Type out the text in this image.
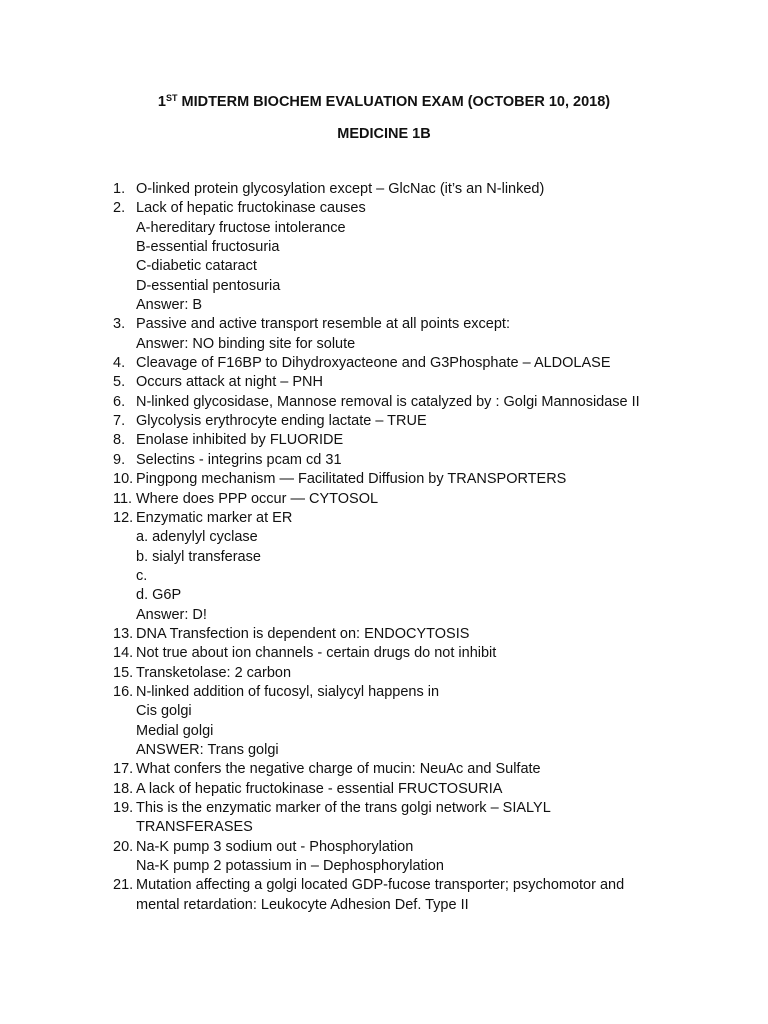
1ST MIDTERM BIOCHEM EVALUATION EXAM (OCTOBER 10, 2018)
MEDICINE 1B
1. O-linked protein glycosylation except – GlcNac (it’s an N-linked)
2. Lack of hepatic fructokinase causes
A-hereditary fructose intolerance
B-essential fructosuria
C-diabetic cataract
D-essential pentosuria
Answer: B
3. Passive and active transport resemble at all points except:
Answer: NO binding site for solute
4. Cleavage of F16BP to Dihydroxyacteone and G3Phosphate – ALDOLASE
5. Occurs attack at night – PNH
6. N-linked glycosidase, Mannose removal is catalyzed by : Golgi Mannosidase II
7. Glycolysis erythrocyte ending lactate – TRUE
8. Enolase inhibited by FLUORIDE
9. Selectins - integrins pcam cd 31
10. Pingpong mechanism — Facilitated Diffusion by TRANSPORTERS
11. Where does PPP occur — CYTOSOL
12. Enzymatic marker at ER
a. adenylyl cyclase
b. sialyl transferase
c.
d. G6P
Answer: D!
13. DNA Transfection is dependent on: ENDOCYTOSIS
14. Not true about ion channels - certain drugs do not inhibit
15. Transketolase: 2 carbon
16. N-linked addition of fucosyl, sialycyl happens in
Cis golgi
Medial golgi
ANSWER: Trans golgi
17. What confers the negative charge of mucin: NeuAc and Sulfate
18. A lack of hepatic fructokinase - essential FRUCTOSURIA
19. This is the enzymatic marker of the trans golgi network – SIALYL
TRANSFERASES
20. Na-K pump 3 sodium out - Phosphorylation
Na-K pump 2 potassium in – Dephosphorylation
21. Mutation affecting a golgi located GDP-fucose transporter; psychomotor and
mental retardation: Leukocyte Adhesion Def. Type II
